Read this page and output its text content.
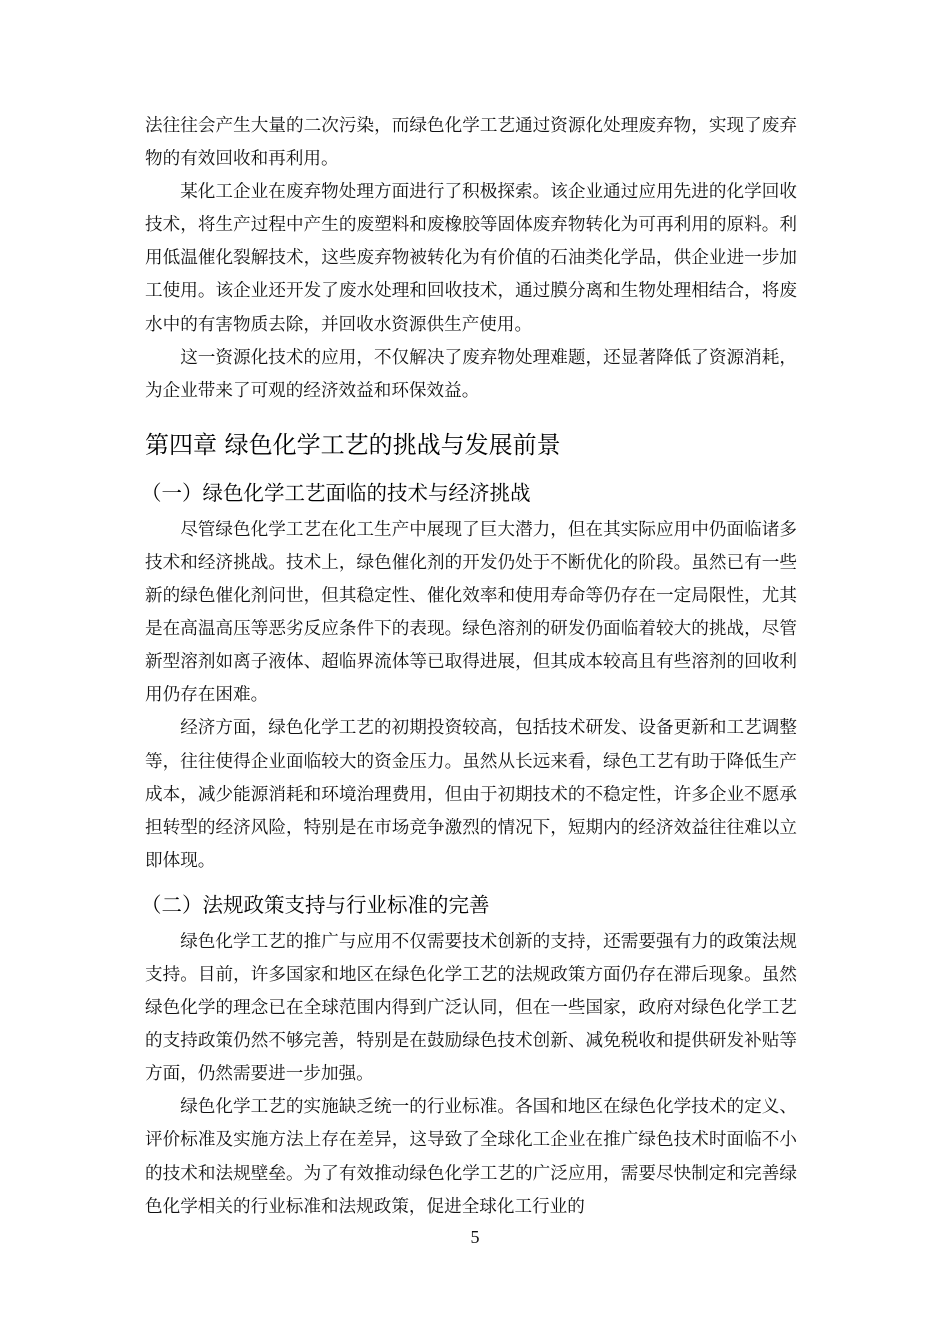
法往往会产生大量的二次污染，而绿色化学工艺通过资源化处理废弃物，实现了废弃物的有效回收和再利用。

某化工企业在废弃物处理方面进行了积极探索。该企业通过应用先进的化学回收技术，将生产过程中产生的废塑料和废橡胶等固体废弃物转化为可再利用的原料。利用低温催化裂解技术，这些废弃物被转化为有价值的石油类化学品，供企业进一步加工使用。该企业还开发了废水处理和回收技术，通过膜分离和生物处理相结合，将废水中的有害物质去除，并回收水资源供生产使用。

这一资源化技术的应用，不仅解决了废弃物处理难题，还显著降低了资源消耗，为企业带来了可观的经济效益和环保效益。

第四章 绿色化学工艺的挑战与发展前景
（一）绿色化学工艺面临的技术与经济挑战

尽管绿色化学工艺在化工生产中展现了巨大潜力，但在其实际应用中仍面临诸多技术和经济挑战。技术上，绿色催化剂的开发仍处于不断优化的阶段。虽然已有一些新的绿色催化剂问世，但其稳定性、催化效率和使用寿命等仍存在一定局限性，尤其是在高温高压等恶劣反应条件下的表现。绿色溶剂的研发仍面临着较大的挑战，尽管新型溶剂如离子液体、超临界流体等已取得进展，但其成本较高且有些溶剂的回收利用仍存在困难。

经济方面，绿色化学工艺的初期投资较高，包括技术研发、设备更新和工艺调整等，往往使得企业面临较大的资金压力。虽然从长远来看，绿色工艺有助于降低生产成本，减少能源消耗和环境治理费用，但由于初期技术的不稳定性，许多企业不愿承担转型的经济风险，特别是在市场竞争激烈的情况下，短期内的经济效益往往难以立即体现。

（二）法规政策支持与行业标准的完善

绿色化学工艺的推广与应用不仅需要技术创新的支持，还需要强有力的政策法规支持。目前，许多国家和地区在绿色化学工艺的法规政策方面仍存在滞后现象。虽然绿色化学的理念已在全球范围内得到广泛认同，但在一些国家，政府对绿色化学工艺的支持政策仍然不够完善，特别是在鼓励绿色技术创新、减免税收和提供研发补贴等方面，仍然需要进一步加强。

绿色化学工艺的实施缺乏统一的行业标准。各国和地区在绿色化学技术的定义、评价标准及实施方法上存在差异，这导致了全球化工企业在推广绿色技术时面临不小的技术和法规壁垒。为了有效推动绿色化学工艺的广泛应用，需要尽快制定和完善绿色化学相关的行业标准和法规政策，促进全球化工行业的

5
